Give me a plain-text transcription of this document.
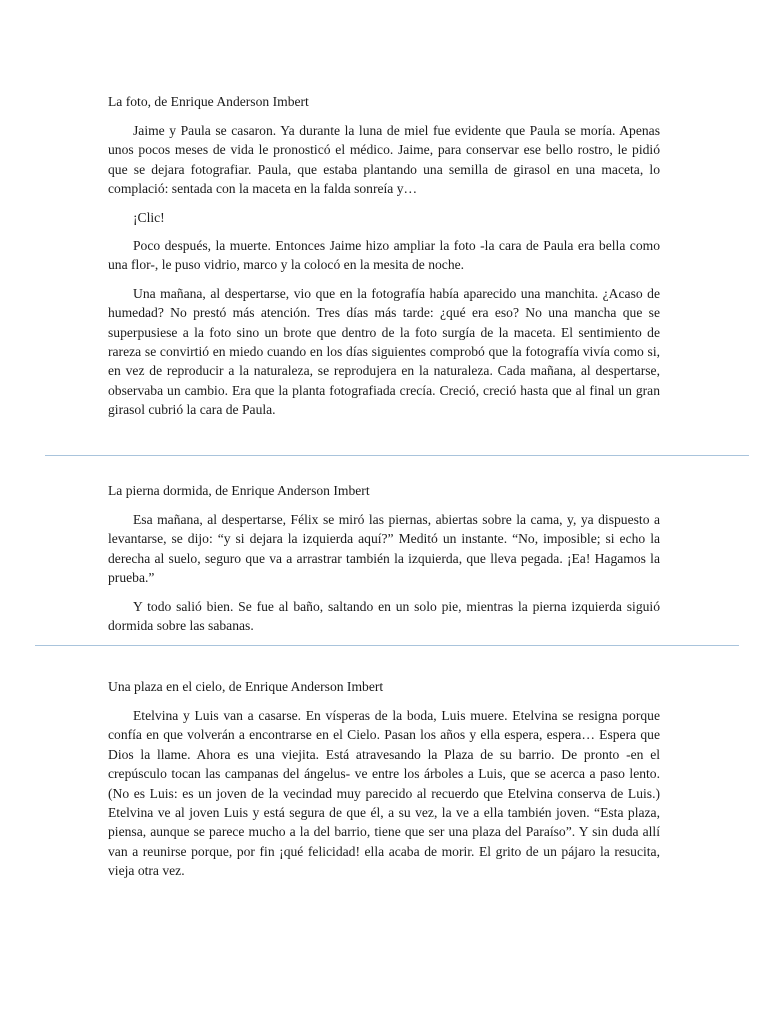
La foto, de Enrique Anderson Imbert

Jaime y Paula se casaron. Ya durante la luna de miel fue evidente que Paula se moría. Apenas unos pocos meses de vida le pronosticó el médico. Jaime, para conservar ese bello rostro, le pidió que se dejara fotografiar. Paula, que estaba plantando una semilla de girasol en una maceta, lo complació: sentada con la maceta en la falda sonreía y…

¡Clic!

Poco después, la muerte. Entonces Jaime hizo ampliar la foto -la cara de Paula era bella como una flor-, le puso vidrio, marco y la colocó en la mesita de noche.

Una mañana, al despertarse, vio que en la fotografía había aparecido una manchita. ¿Acaso de humedad? No prestó más atención. Tres días más tarde: ¿qué era eso? No una mancha que se superpusiese a la foto sino un brote que dentro de la foto surgía de la maceta. El sentimiento de rareza se convirtió en miedo cuando en los días siguientes comprobó que la fotografía vivía como si, en vez de reproducir a la naturaleza, se reprodujera en la naturaleza. Cada mañana, al despertarse, observaba un cambio. Era que la planta fotografiada crecía. Creció, creció hasta que al final un gran girasol cubrió la cara de Paula.

La pierna dormida, de Enrique Anderson Imbert

Esa mañana, al despertarse, Félix se miró las piernas, abiertas sobre la cama, y, ya dispuesto a levantarse, se dijo: “y si dejara la izquierda aquí?” Meditó un instante. “No, imposible; si echo la derecha al suelo, seguro que va a arrastrar también la izquierda, que lleva pegada. ¡Ea! Hagamos la prueba.”

Y todo salió bien. Se fue al baño, saltando en un solo pie, mientras la pierna izquierda siguió dormida sobre las sabanas.

Una plaza en el cielo, de Enrique Anderson Imbert

Etelvina y Luis van a casarse. En vísperas de la boda, Luis muere. Etelvina se resigna porque confía en que volverán a encontrarse en el Cielo. Pasan los años y ella espera, espera… Espera que Dios la llame. Ahora es una viejita. Está atravesando la Plaza de su barrio. De pronto -en el crepúsculo tocan las campanas del ángelus- ve entre los árboles a Luis, que se acerca a paso lento. (No es Luis: es un joven de la vecindad muy parecido al recuerdo que Etelvina conserva de Luis.) Etelvina ve al joven Luis y está segura de que él, a su vez, la ve a ella también joven. “Esta plaza, piensa, aunque se parece mucho a la del barrio, tiene que ser una plaza del Paraíso”. Y sin duda allí van a reunirse porque, por fin ¡qué felicidad! ella acaba de morir. El grito de un pájaro la resucita, vieja otra vez.
